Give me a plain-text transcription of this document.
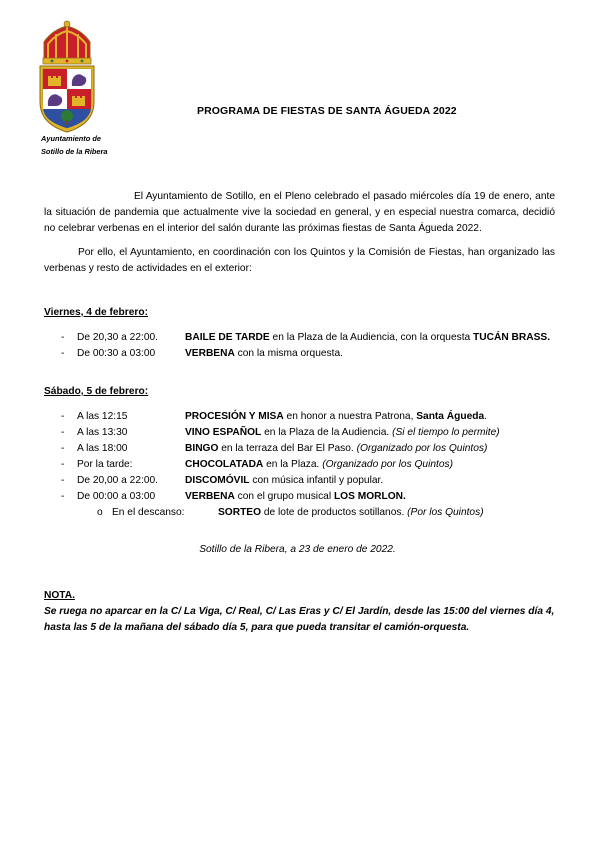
Ayuntamiento de
Sotillo de la Ribera
PROGRAMA DE FIESTAS DE SANTA ÁGUEDA 2022
El Ayuntamiento de Sotillo, en el Pleno celebrado el pasado miércoles día 19 de enero, ante la situación de pandemia que actualmente vive la sociedad en general, y en especial nuestra comarca, decidió no celebrar verbenas en el interior del salón durante las próximas fiestas de Santa Águeda 2022.
Por ello, el Ayuntamiento, en coordinación con los Quintos y la Comisión de Fiestas, han organizado las verbenas y resto de actividades en el exterior:
Viernes, 4 de febrero:
- De 20,30 a 22:00.	BAILE DE TARDE en la Plaza de la Audiencia, con la orquesta TUCÁN BRASS.
- De 00:30 a 03:00	VERBENA con la misma orquesta.
Sábado, 5 de febrero:
- A las 12:15	PROCESIÓN Y MISA en honor a nuestra Patrona, Santa Águeda.
- A las 13:30	VINO ESPAÑOL en la Plaza de la Audiencia. (Si el tiempo lo permite)
- A las 18:00	BINGO en la terraza del Bar El Paso. (Organizado por los Quintos)
- Por la tarde:	CHOCOLATADA en la Plaza. (Organizado por los Quintos)
- De 20,00 a 22:00.	DISCOMÓVIL con música infantil y popular.
- De 00:00 a 03:00	VERBENA con el grupo musical LOS MORLON.
o En el descanso:	SORTEO de lote de productos sotillanos. (Por los Quintos)
Sotillo de la Ribera, a 23 de enero de 2022.
NOTA.
Se ruega no aparcar en la C/ La Viga, C/ Real, C/ Las Eras y C/ El Jardín, desde las 15:00 del viernes día 4, hasta las 5 de la mañana del sábado día 5, para que pueda transitar el camión-orquesta.
